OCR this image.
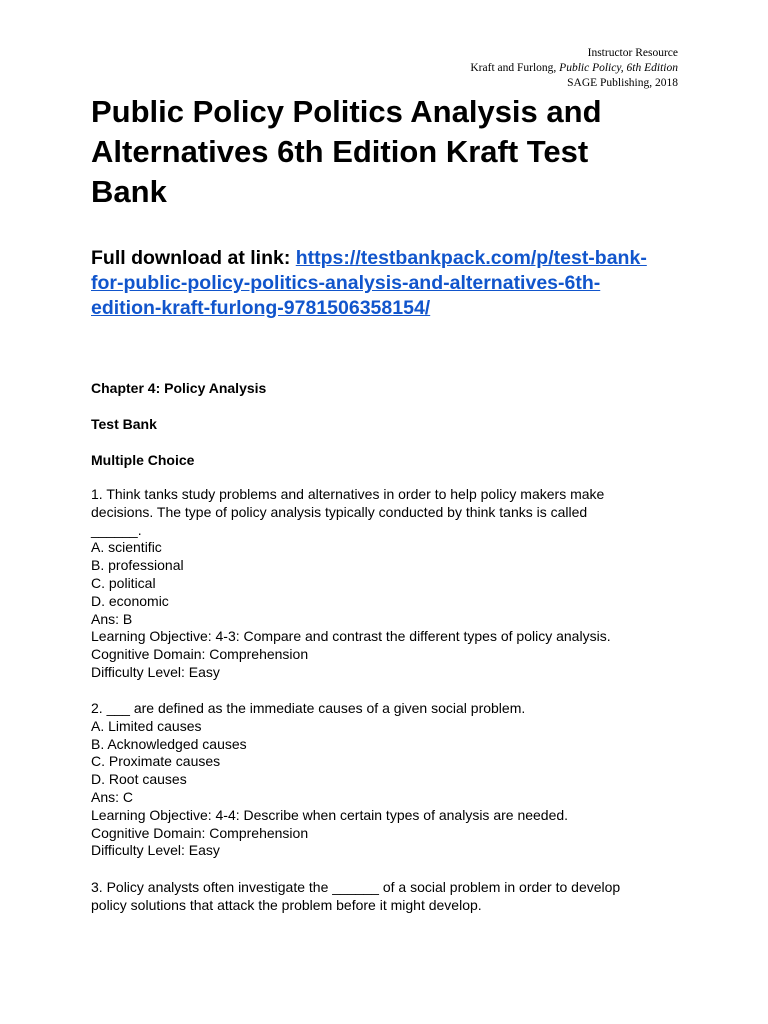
Instructor Resource
Kraft and Furlong, Public Policy, 6th Edition
SAGE Publishing, 2018
Public Policy Politics Analysis and
Alternatives 6th Edition Kraft Test
Bank
Full download at link: https://testbankpack.com/p/test-bank-
for-public-policy-politics-analysis-and-alternatives-6th-
edition-kraft-furlong-9781506358154/
Chapter 4: Policy Analysis
Test Bank
Multiple Choice
1. Think tanks study problems and alternatives in order to help policy makers make
decisions. The type of policy analysis typically conducted by think tanks is called
______.
A. scientific
B. professional
C. political
D. economic
Ans: B
Learning Objective: 4-3: Compare and contrast the different types of policy analysis.
Cognitive Domain: Comprehension
Difficulty Level: Easy
2. ___ are defined as the immediate causes of a given social problem.
A. Limited causes
B. Acknowledged causes
C. Proximate causes
D. Root causes
Ans: C
Learning Objective: 4-4: Describe when certain types of analysis are needed.
Cognitive Domain: Comprehension
Difficulty Level: Easy
3. Policy analysts often investigate the ______ of a social problem in order to develop
policy solutions that attack the problem before it might develop.
